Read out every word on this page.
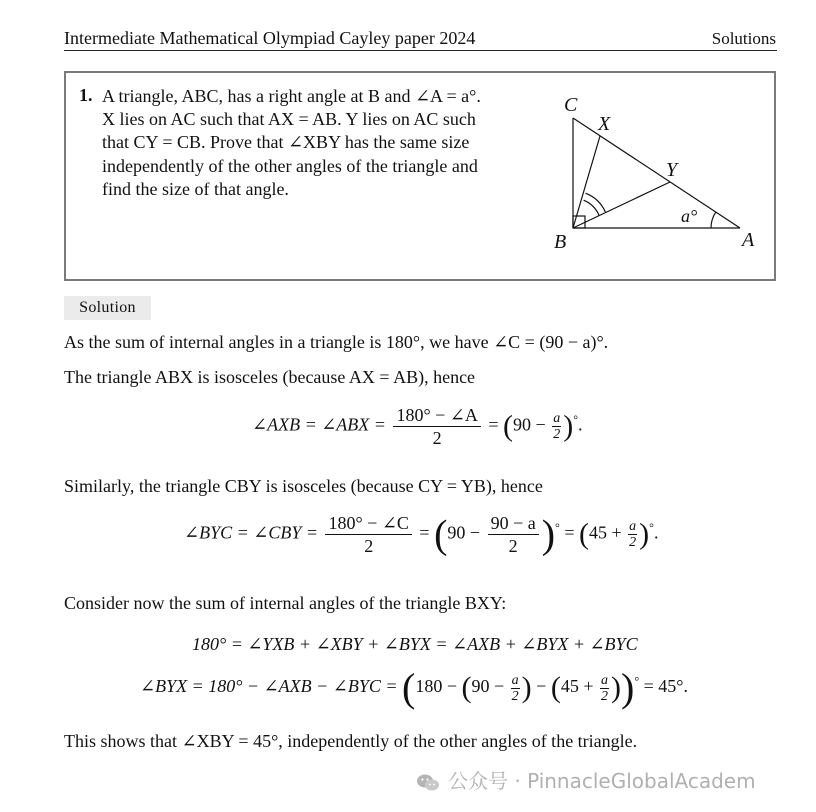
Intermediate Mathematical Olympiad Cayley paper 2024	Solutions
1. A triangle, ABC, has a right angle at B and ∠A = a°.
X lies on AC such that AX = AB. Y lies on AC such
that CY = CB. Prove that ∠XBY has the same size
independently of the other angles of the triangle and
find the size of that angle.
C
X
Y
B	A
a°
Solution
As the sum of internal angles in a triangle is 180°, we have ∠C = (90 − a)°.
The triangle ABX is isosceles (because AX = AB), hence
∠AXB = ∠ABX = $\frac{180^\circ - \angle A}{2} = (90 - \frac{a}{2} )^\circ$.
Similarly, the triangle CBY is isosceles (because CY = YB), hence
∠BYC = ∠CBY = $\frac{180^\circ - \angle C}{2} = (90 - \frac{90 - a}{2} )^\circ = (45 + \frac{a}{2} )^\circ$.
Consider now the sum of internal angles of the triangle BXY:
180° = ∠YXB + ∠XBY + ∠BYX = ∠AXB + ∠BYX + ∠BYC
∠BYX = 180° − ∠AXB − ∠BYC = ($180 - (90 - \frac{a}{2}$ ) − $(45 + \frac{a}{2} ))^\circ = 45^\circ$.
This shows that ∠XBY = 45°, independently of the other angles of the triangle.
公众号 · PinnacleGlobalAcadem
